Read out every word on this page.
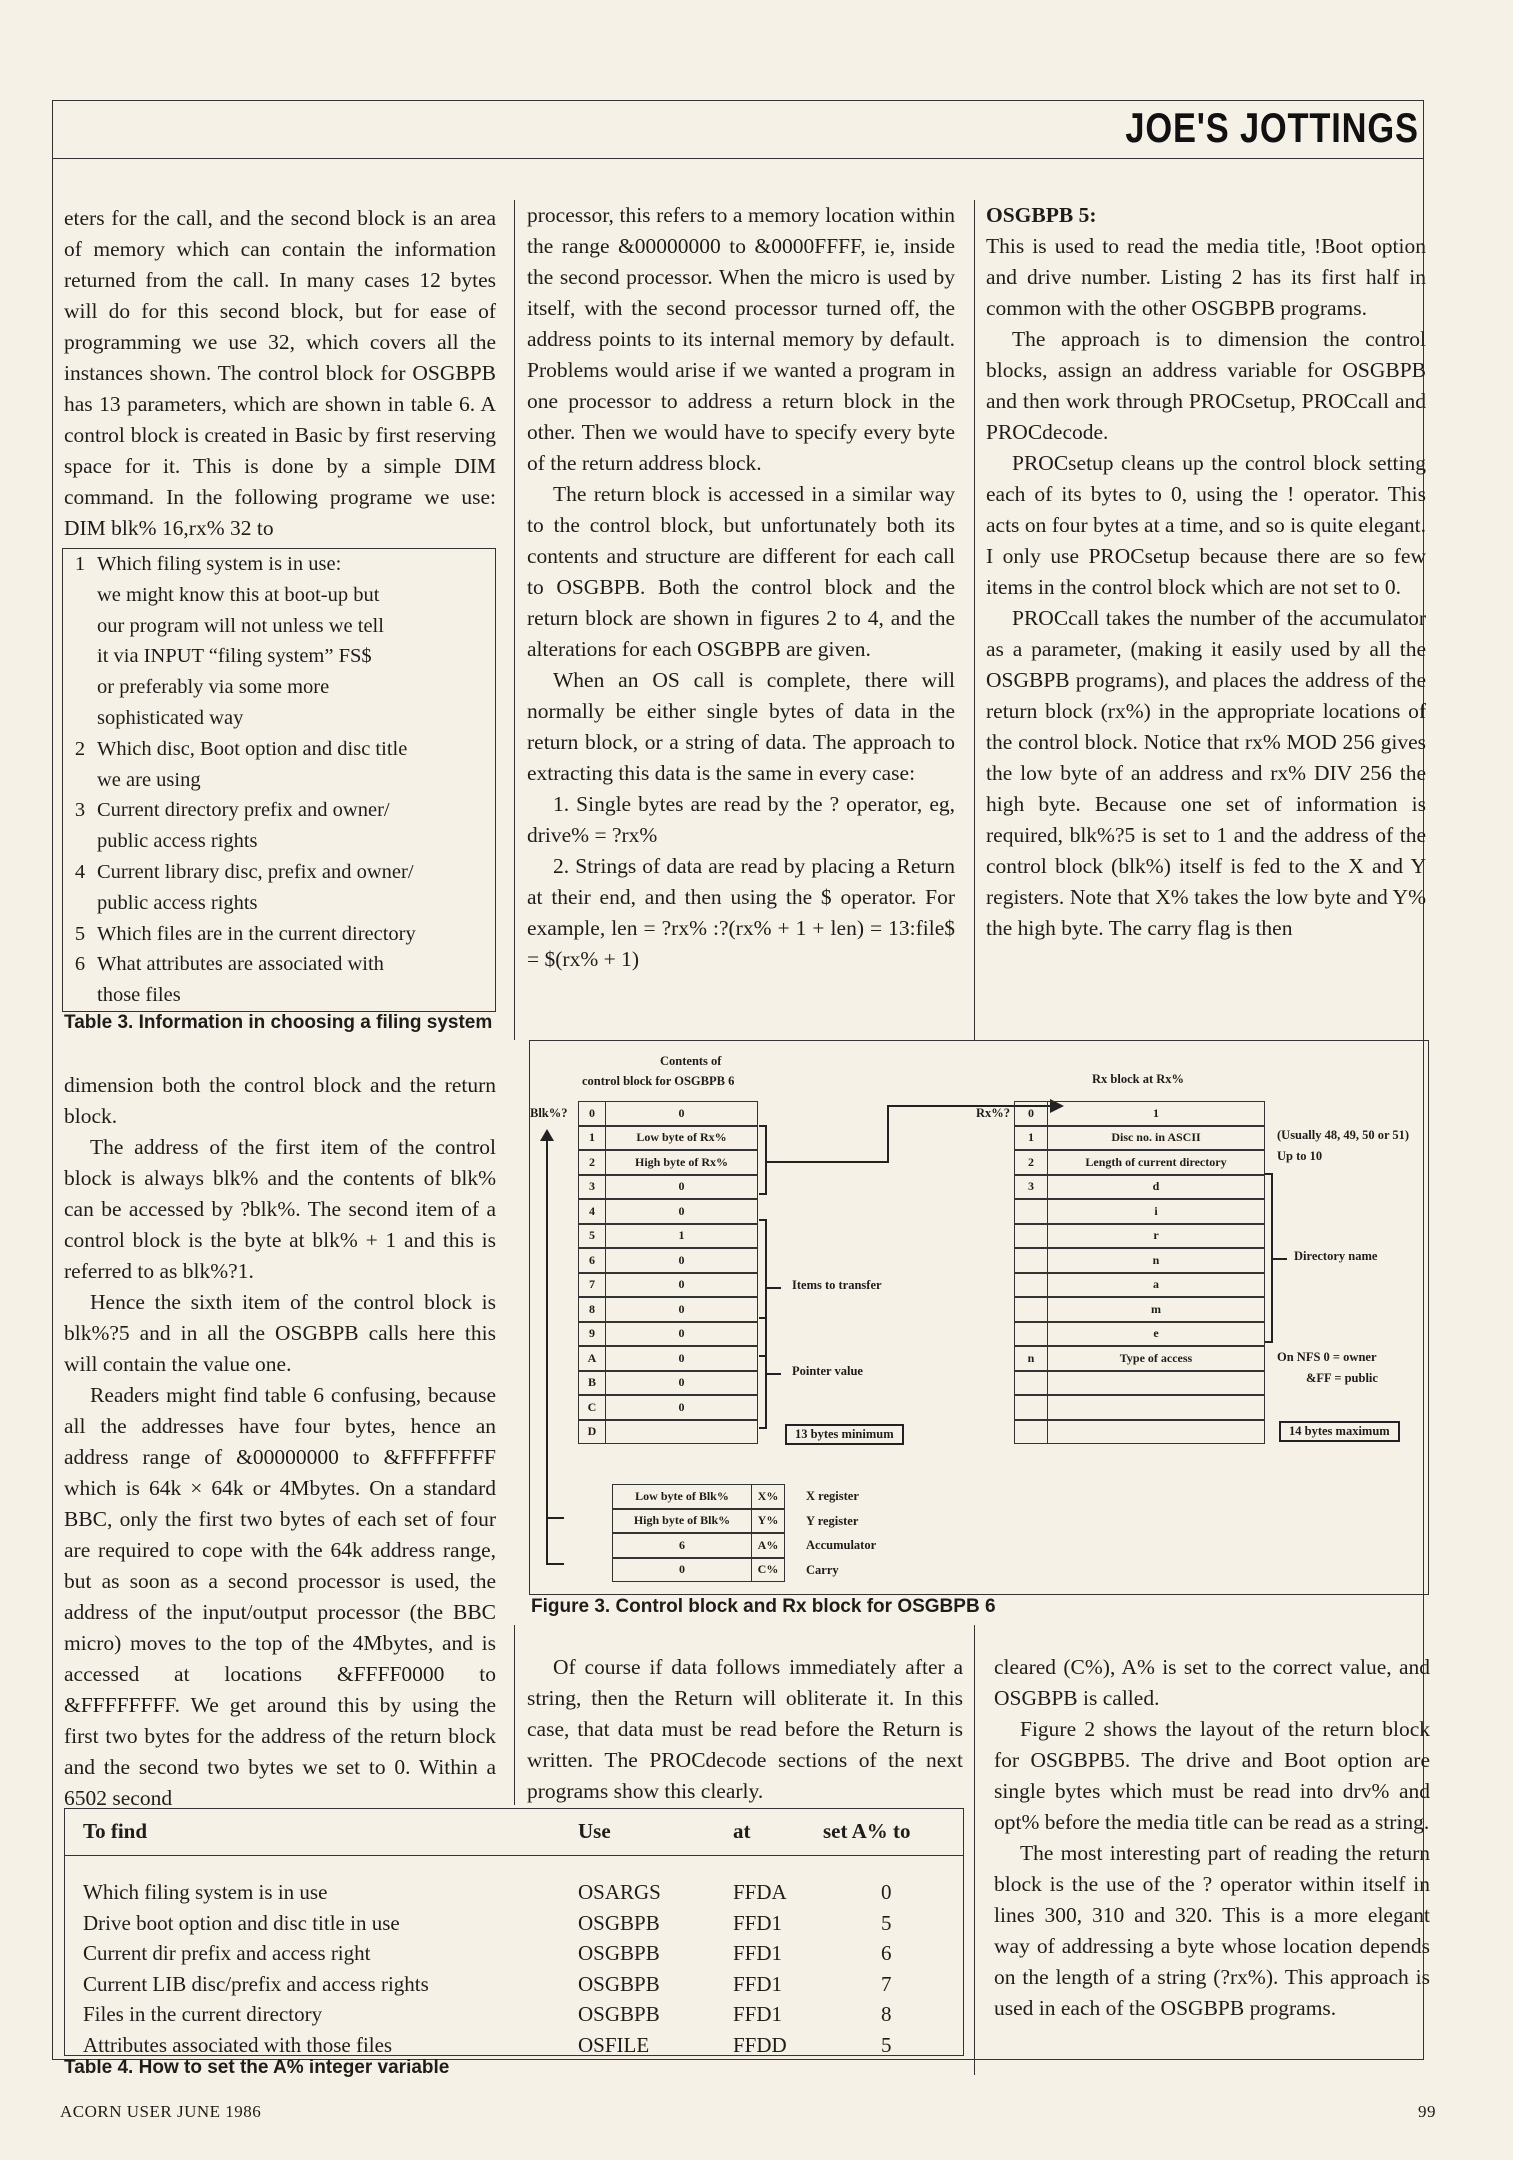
JOE'S JOTTINGS

eters for the call, and the second block is an area of memory which can contain the information returned from the call. In many cases 12 bytes will do for this second block, but for ease of programming we use 32, which covers all the instances shown. The control block for OSGBPB has 13 parameters, which are shown in table 6. A control block is created in Basic by first reserving space for it. This is done by a simple DIM command. In the following programe we use: DIM blk% 16,rx% 32 to

1 Which filing system is in use:
we might know this at boot-up but
our program will not unless we tell
it via INPUT “filing system” FS$
or preferably via some more
sophisticated way
2 Which disc, Boot option and disc title
we are using
3 Current directory prefix and owner/
public access rights
4 Current library disc, prefix and owner/
public access rights
5 Which files are in the current directory
6 What attributes are associated with
those files
Table 3. Information in choosing a filing system

dimension both the control block and the return block.

The address of the first item of the control block is always blk% and the contents of blk% can be accessed by ?blk%. The second item of a control block is the byte at blk% + 1 and this is referred to as blk%?1.

Hence the sixth item of the control block is blk%?5 and in all the OSGBPB calls here this will contain the value one.

Readers might find table 6 confusing, because all the addresses have four bytes, hence an address range of &00000000 to &FFFFFFFF which is 64k × 64k or 4Mbytes. On a standard BBC, only the first two bytes of each set of four are required to cope with the 64k address range, but as soon as a second processor is used, the address of the input/output processor (the BBC micro) moves to the top of the 4Mbytes, and is accessed at locations &FFFF0000 to &FFFFFFFF. We get around this by using the first two bytes for the address of the return block and the second two bytes we set to 0. Within a 6502 second

processor, this refers to a memory location within the range &00000000 to &0000FFFF, ie, inside the second processor. When the micro is used by itself, with the second processor turned off, the address points to its internal memory by default. Problems would arise if we wanted a program in one processor to address a return block in the other. Then we would have to specify every byte of the return address block.

The return block is accessed in a similar way to the control block, but unfortunately both its contents and structure are different for each call to OSGBPB. Both the control block and the return block are shown in figures 2 to 4, and the alterations for each OSGBPB are given.

When an OS call is complete, there will normally be either single bytes of data in the return block, or a string of data. The approach to extracting this data is the same in every case:

1. Single bytes are read by the ? operator, eg, drive% = ?rx%

2. Strings of data are read by placing a Return at their end, and then using the $ operator. For example, len = ?rx% :?(rx% + 1 + len) = 13:file$ = $(rx% + 1)

Of course if data follows immediately after a string, then the Return will obliterate it. In this case, that data must be read before the Return is written. The PROCdecode sections of the next programs show this clearly.

OSGBPB 5:

This is used to read the media title, !Boot option and drive number. Listing 2 has its first half in common with the other OSGBPB programs.

The approach is to dimension the control blocks, assign an address variable for OSGBPB and then work through PROCsetup, PROCcall and PROCdecode.

PROCsetup cleans up the control block setting each of its bytes to 0, using the ! operator. This acts on four bytes at a time, and so is quite elegant. I only use PROCsetup because there are so few items in the control block which are not set to 0.

PROCcall takes the number of the accumulator as a parameter, (making it easily used by all the OSGBPB programs), and places the address of the return block (rx%) in the appropriate locations of the control block. Notice that rx% MOD 256 gives the low byte of an address and rx% DIV 256 the high byte. Because one set of information is required, blk%?5 is set to 1 and the address of the control block (blk%) itself is fed to the X and Y registers. Note that X% takes the low byte and Y% the high byte. The carry flag is then

cleared (C%), A% is set to the correct value, and OSGBPB is called.

Figure 2 shows the layout of the return block for OSGBPB5. The drive and Boot option are single bytes which must be read into drv% and opt% before the media title can be read as a string.

The most interesting part of reading the return block is the use of the ? operator within itself in lines 300, 310 and 320. This is a more elegant way of addressing a byte whose location depends on the length of a string (?rx%). This approach is used in each of the OSGBPB programs.

Contents of
control block for OSGBPB 6
Blk%?	0	0
1	Low byte of Rx%
2	High byte of Rx%
3	0
4	0
5	1
6	0
7	0
8	0
9	0
A	0
B	0
C	0
D
Low byte of Blk%	X%	X register
High byte of Blk%	Y%	Y register
6	A%	Accumulator
0	C%	Carry
Items to transfer
Pointer value
13 bytes minimum
Rx block at Rx%
Rx%?	0	1
1	Disc no. in ASCII
2	Length of current directory
3	d
i
r
n
a
m
e
n	Type of access
(Usually 48, 49, 50 or 51)
Up to 10
Directory name
On NFS 0 = owner
&FF = public
14 bytes maximum
Figure 3. Control block and Rx block for OSGBPB 6
To find	Use	at	set A% to
Which filing system is in use	OSARGS	FFDA	0
Drive boot option and disc title in use	OSGBPB	FFD1	5
Current dir prefix and access right	OSGBPB	FFD1	6
Current LIB disc/prefix and access rights	OSGBPB	FFD1	7
Files in the current directory	OSGBPB	FFD1	8
Attributes associated with those files	OSFILE	FFDD	5
Table 4. How to set the A% integer variable
ACORN USER JUNE 1986	99
